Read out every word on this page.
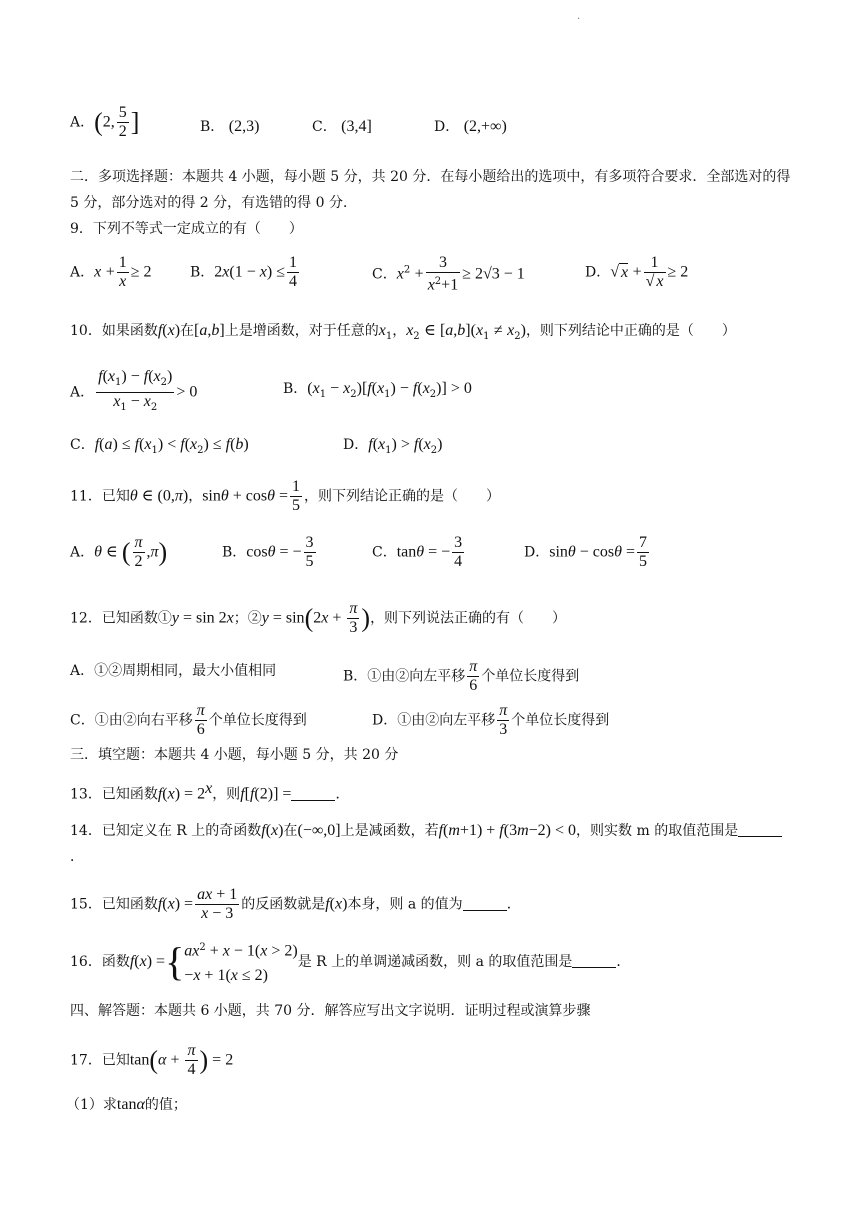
·
A．(2, $\frac{5}{2}$ ]	B． (2,3)	C． (3,4]	D． (2,+∞)
二．多项选择题：本题共 4 小题，每小题 5 分，共 20 分．在每小题给出的选项中，有多项符合要求．全部选对的得 5 分，部分选对的得 2 分，有选错的得 0 分．
9．下列不等式一定成立的有（　　）
A．$x + \frac{1}{x} \ge 2$	B．$2x(1 - x) \le \frac{1}{4}$	C．$x^2 + \frac{3}{x^2+1} \ge 2√3 - 1$	D．√ $x + \frac{1}{√ x} \ge 2$
10．如果函数f(x)在[a,b]上是增函数，对于任意的$x_1$，$x_2$ ∈ $[a,b](x_1 \ne x_2)$，则下列结论中正确的是（　　）
A． $\frac{f(x_1) - f(x_2)}{x_1 - x_2} > 0$	B．$(x_1 - x_2)[f(x_1) - f(x_2)] > 0$
C．$f(a) \le f(x_1) < f(x_2) \le f(b)$	D．$f(x_1) > f(x_2)$
11．已知θ ∈ (0,π)，$\sin\theta + \cos\theta = \frac{1}{5}$ ，则下列结论正确的是（　　）
A．θ ∈ ( $\frac{\pi}{2} ,\pi$)	B．cosθ = − $\frac{3}{5}$	C．tanθ = − $\frac{3}{4}$	D．$\sin\theta - \cos\theta = \frac{7}{5}$
12．已知函数①y = sin 2x；②y = $\sin(2x + \frac{\pi}{3}$ )，则下列说法正确的有（　　）
A．①②周期相同，最大小值相同	B．①由②向左平移 $\frac{\pi}{6}$ 个单位长度得到
C．①由②向右平移 $\frac{\pi}{6}$ 个单位长度得到	D．①由②向左平移 $\frac{\pi}{3}$ 个单位长度得到
三．填空题：本题共 4 小题，每小题 5 分，共 20 分
13．已知函数$f(x) = 2^x$，则f[f(2)] =	．
14．已知定义在 R 上的奇函数f(x)在(−∞,0]上是减函数，若f(m+1) + f(3m−2) < 0，则实数 m 的取值范围是．
15．已知函数$f(x) = \frac{ax + 1}{x - 3}$ 的反函数就是f(x)本身，则 a 的值为	．
16．函数f(x) ={ $ax^2 + x - 1(x > 2)$
−x + 1(x ≤ 2)
是 R 上的单调递减函数，则 a 的取值范围是	．
四、解答题：本题共 6 小题，共 70 分．解答应写出文字说明．证明过程或演算步骤
17．已知$\tan(\alpha + \frac{\pi}{4}$ ) = 2
（1）求tanα的值；
